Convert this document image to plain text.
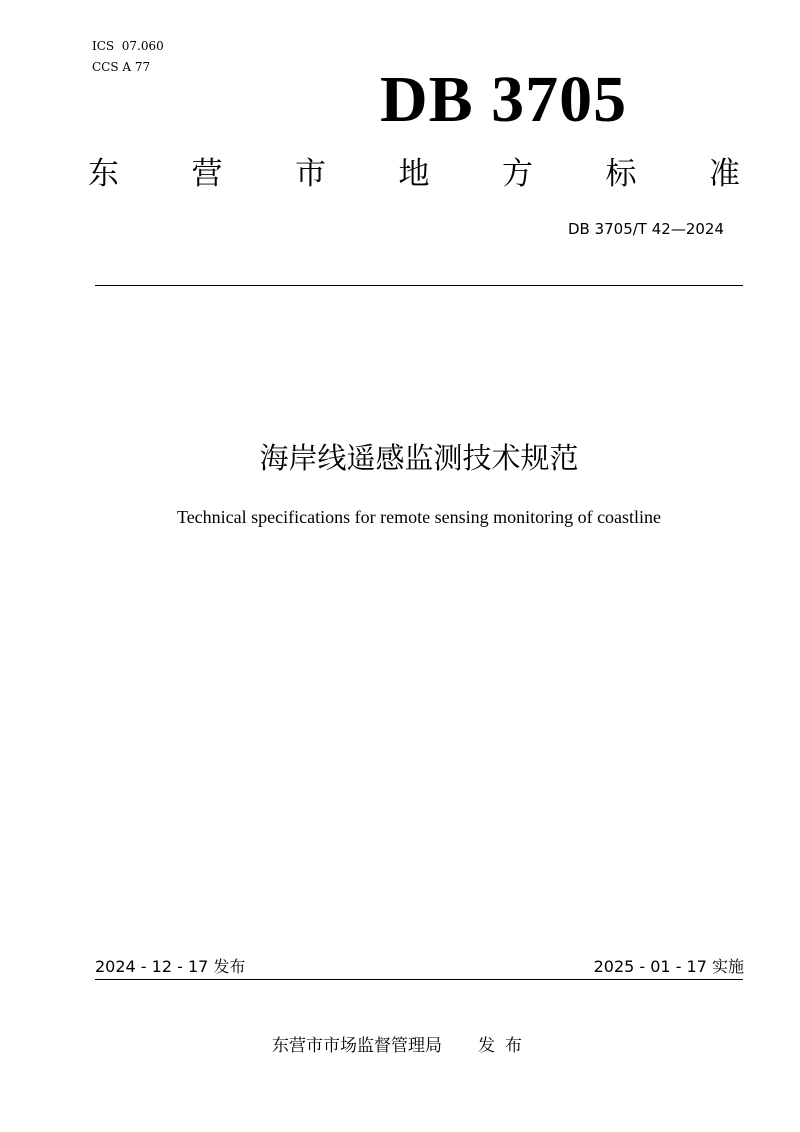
ICS  07.060
CCS A 77	DB 3705
东 营 市 地 方 标 准
DB 3705/T 42—2024
海岸线遥感监测技术规范
Technical specifications for remote sensing monitoring of coastline
2024 - 12 - 17 发布	2025 - 01 - 17 实施
东营市市场监督管理局 发布
